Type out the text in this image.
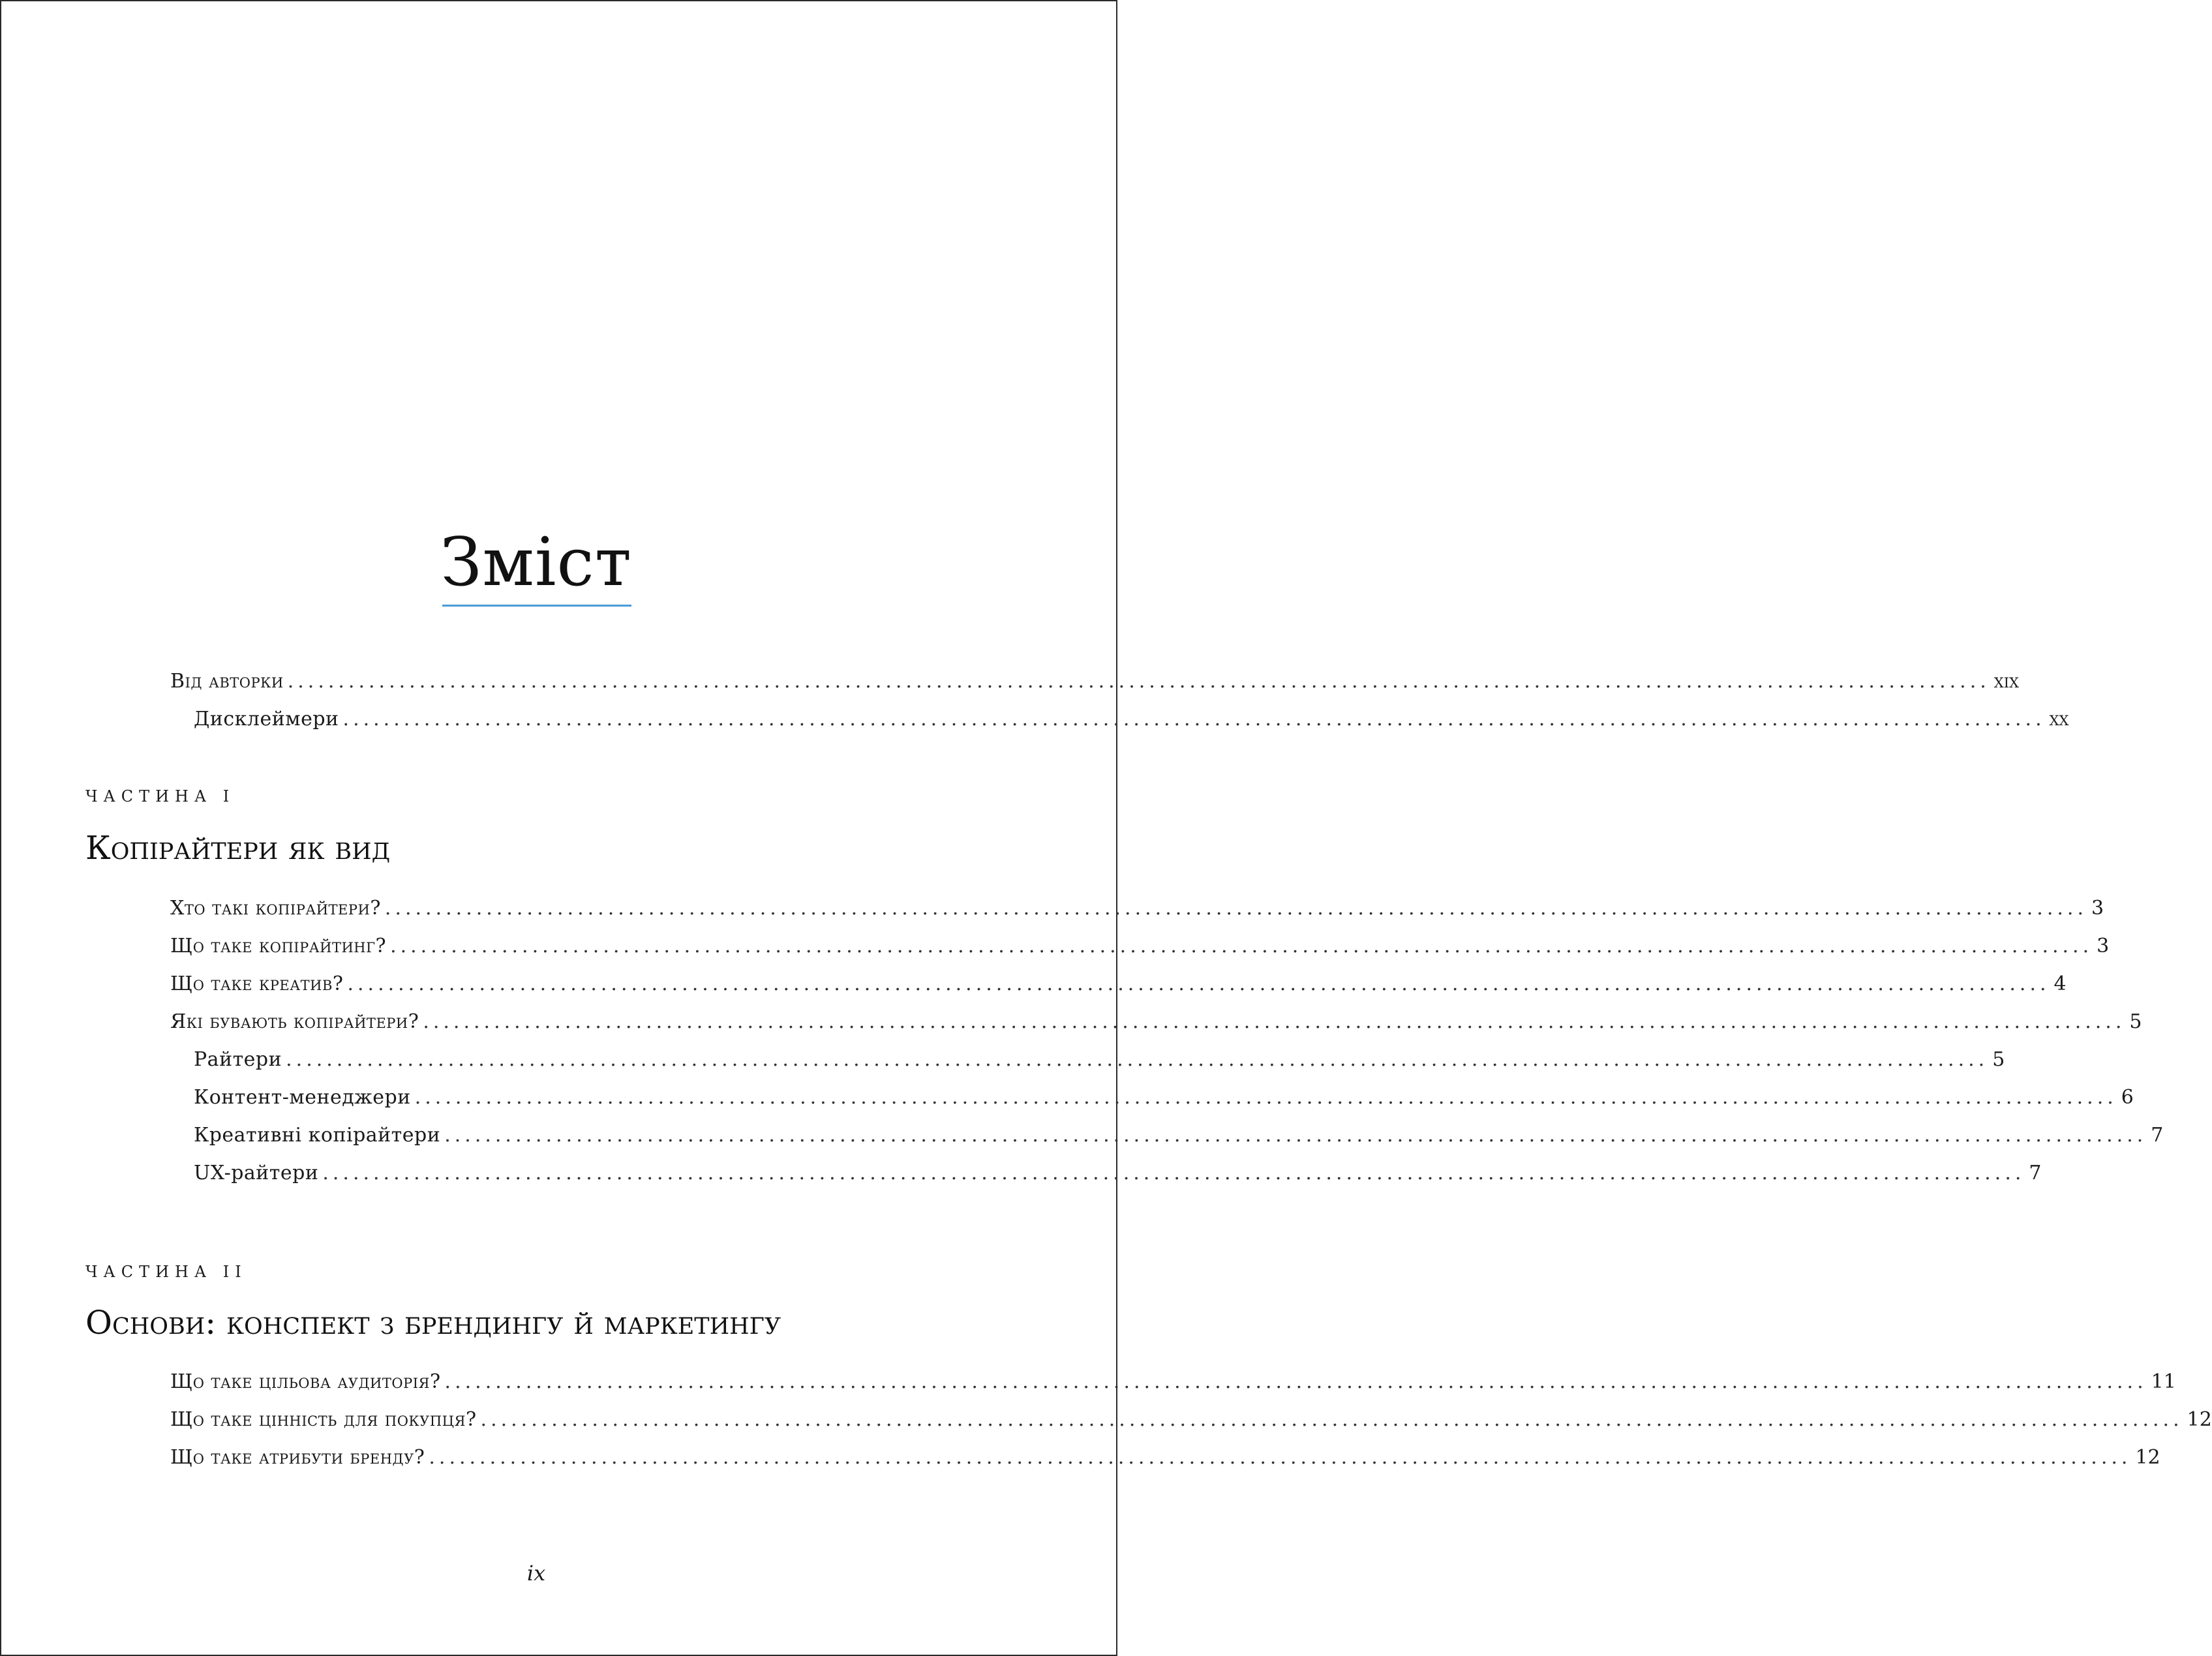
Зміст
Від авторки ........................................................................................................................................................................ xix
Дисклеймери ........................................................................................................................................................................ xx
ЧАСТИНА I
Копірайтери як вид
Хто такі копірайтери? ........................................................................................................................................................................ 3
Що таке копірайтинг? ........................................................................................................................................................................ 3
Що таке креатив? ........................................................................................................................................................................ 4
Які бувають копірайтери? ........................................................................................................................................................................ 5
Райтери ........................................................................................................................................................................ 5
Контент-менеджери ........................................................................................................................................................................ 6
Креативні копірайтери ........................................................................................................................................................................ 7
UX-райтери ........................................................................................................................................................................ 7
ЧАСТИНА II
Основи: конспект з брендингу й маркетингу
Що таке цільова аудиторія? ........................................................................................................................................................................ 11
Що таке цінність для покупця? ........................................................................................................................................................................ 12
Що таке атрибути бренду? ........................................................................................................................................................................ 12
ix
